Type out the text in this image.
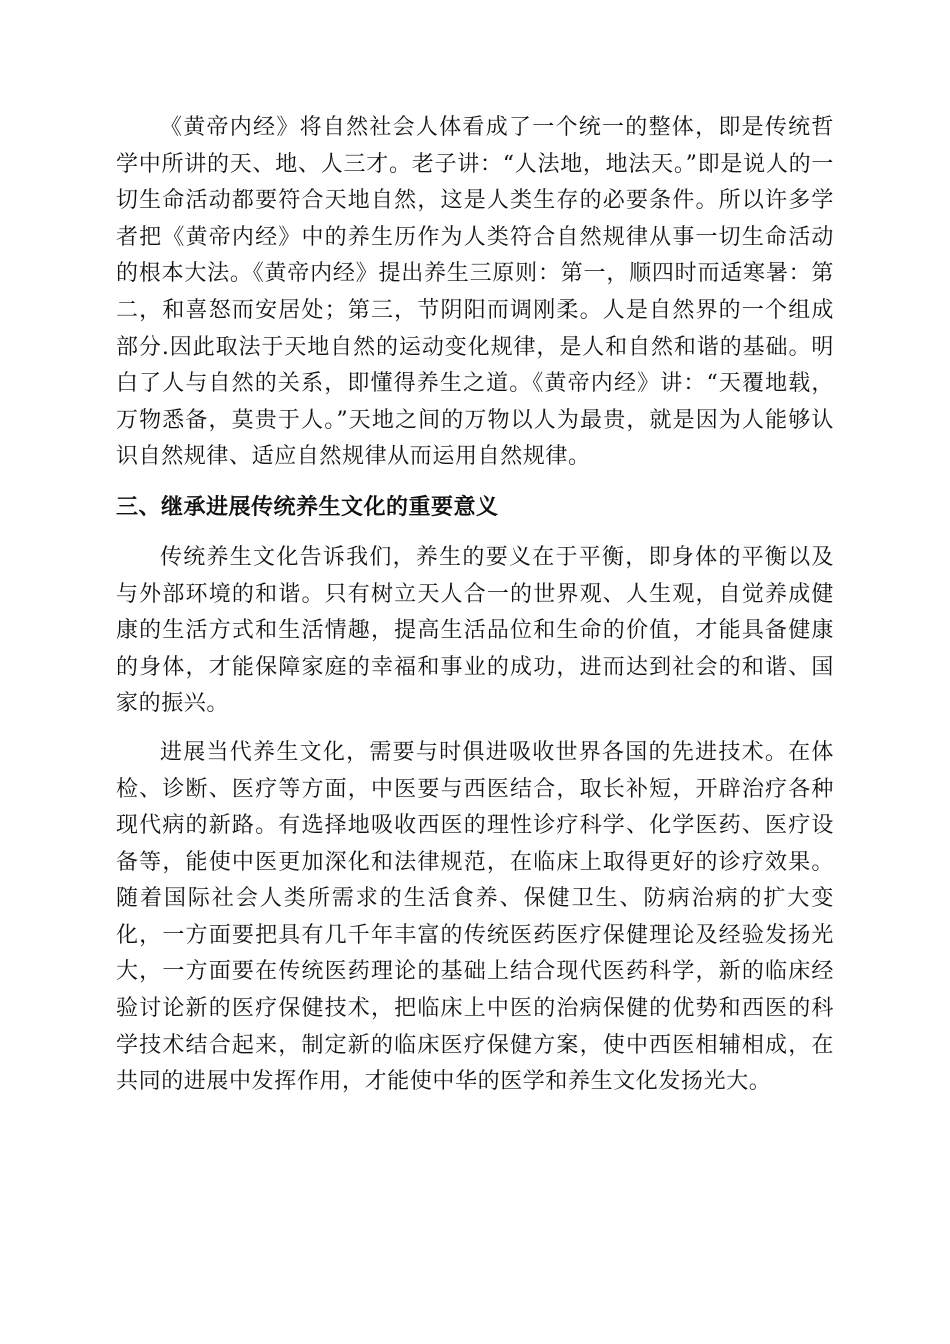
《黄帝内经》将自然社会人体看成了一个统一的整体，即是传统哲学中所讲的天、地、人三才。老子讲：“人法地，地法天。”即是说人的一切生命活动都要符合天地自然，这是人类生存的必要条件。所以许多学者把《黄帝内经》中的养生历作为人类符合自然规律从事一切生命活动的根本大法。《黄帝内经》提出养生三原则：第一，顺四时而适寒暑：第二，和喜怒而安居处；第三，节阴阳而调刚柔。人是自然界的一个组成部分.因此取法于天地自然的运动变化规律，是人和自然和谐的基础。明白了人与自然的关系，即懂得养生之道。《黄帝内经》讲：“天覆地载，万物悉备，莫贵于人。”天地之间的万物以人为最贵，就是因为人能够认识自然规律、适应自然规律从而运用自然规律。

三、继承进展传统养生文化的重要意义

传统养生文化告诉我们，养生的要义在于平衡，即身体的平衡以及与外部环境的和谐。只有树立天人合一的世界观、人生观，自觉养成健康的生活方式和生活情趣，提高生活品位和生命的价值，才能具备健康的身体，才能保障家庭的幸福和事业的成功，进而达到社会的和谐、国家的振兴。

进展当代养生文化，需要与时俱进吸收世界各国的先进技术。在体检、诊断、医疗等方面，中医要与西医结合，取长补短，开辟治疗各种现代病的新路。有选择地吸收西医的理性诊疗科学、化学医药、医疗设备等，能使中医更加深化和法律规范，在临床上取得更好的诊疗效果。随着国际社会人类所需求的生活食养、保健卫生、防病治病的扩大变化，一方面要把具有几千年丰富的传统医药医疗保健理论及经验发扬光大，一方面要在传统医药理论的基础上结合现代医药科学，新的临床经验讨论新的医疗保健技术，把临床上中医的治病保健的优势和西医的科学技术结合起来，制定新的临床医疗保健方案，使中西医相辅相成，在共同的进展中发挥作用，才能使中华的医学和养生文化发扬光大。
